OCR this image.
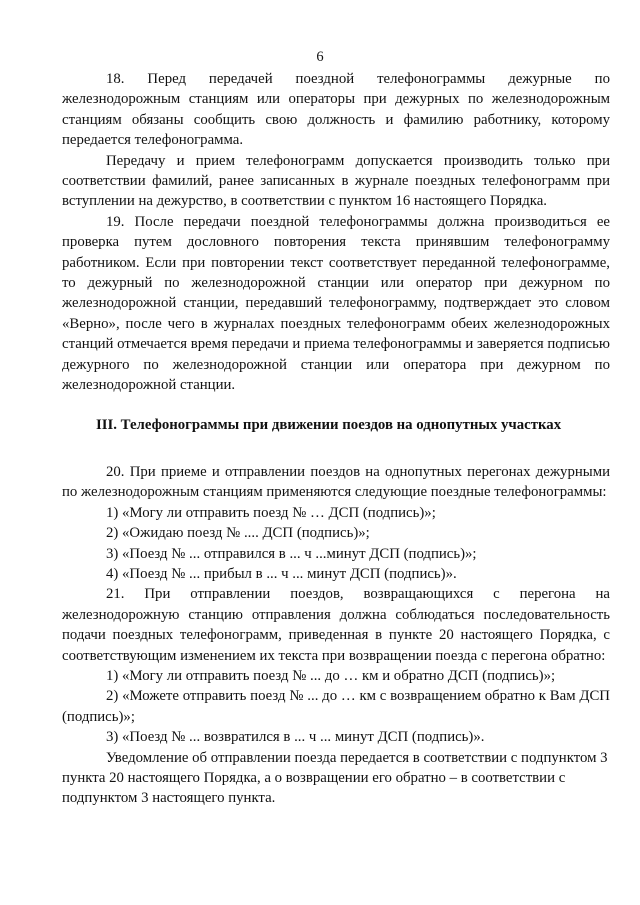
6

18. Перед передачей поездной телефонограммы дежурные по железнодорожным станциям или операторы при дежурных по железнодорожным станциям обязаны сообщить свою должность и фамилию работнику, которому передается телефонограмма.

Передачу и прием телефонограмм допускается производить только при соответствии фамилий, ранее записанных в журнале поездных телефонограмм при вступлении на дежурство, в соответствии с пунктом 16 настоящего Порядка.

19. После передачи поездной телефонограммы должна производиться ее проверка путем дословного повторения текста принявшим телефонограмму работником. Если при повторении текст соответствует переданной телефонограмме, то дежурный по железнодорожной станции или оператор при дежурном по железнодорожной станции, передавший телефонограмму, подтверждает это словом «Верно», после чего в журналах поездных телефонограмм обеих железнодорожных станций отмечается время передачи и приема телефонограммы и заверяется подписью дежурного по железнодорожной станции или оператора при дежурном по железнодорожной станции.

III. Телефонограммы при движении поездов на однопутных участках

20. При приеме и отправлении поездов на однопутных перегонах дежурными по железнодорожным станциям применяются следующие поездные телефонограммы:

1) «Могу ли отправить поезд № … ДСП (подпись)»;

2) «Ожидаю поезд № .... ДСП (подпись)»;

3) «Поезд № ... отправился в ... ч ...минут ДСП (подпись)»;

4) «Поезд № ... прибыл в ... ч ... минут ДСП (подпись)».

21. При отправлении поездов, возвращающихся с перегона на железнодорожную станцию отправления должна соблюдаться последовательность подачи поездных телефонограмм, приведенная в пункте 20 настоящего Порядка, с соответствующим изменением их текста при возвращении поезда с перегона обратно:

1) «Могу ли отправить поезд № ... до … км и обратно ДСП (подпись)»;

2) «Можете отправить поезд № ... до … км с возвращением обратно к Вам ДСП (подпись)»;

3) «Поезд № ... возвратился в ... ч ... минут ДСП (подпись)».

Уведомление об отправлении поезда передается в соответствии с подпунктом 3 пункта 20 настоящего Порядка, а о возвращении его обратно – в соответствии с подпунктом 3 настоящего пункта.
